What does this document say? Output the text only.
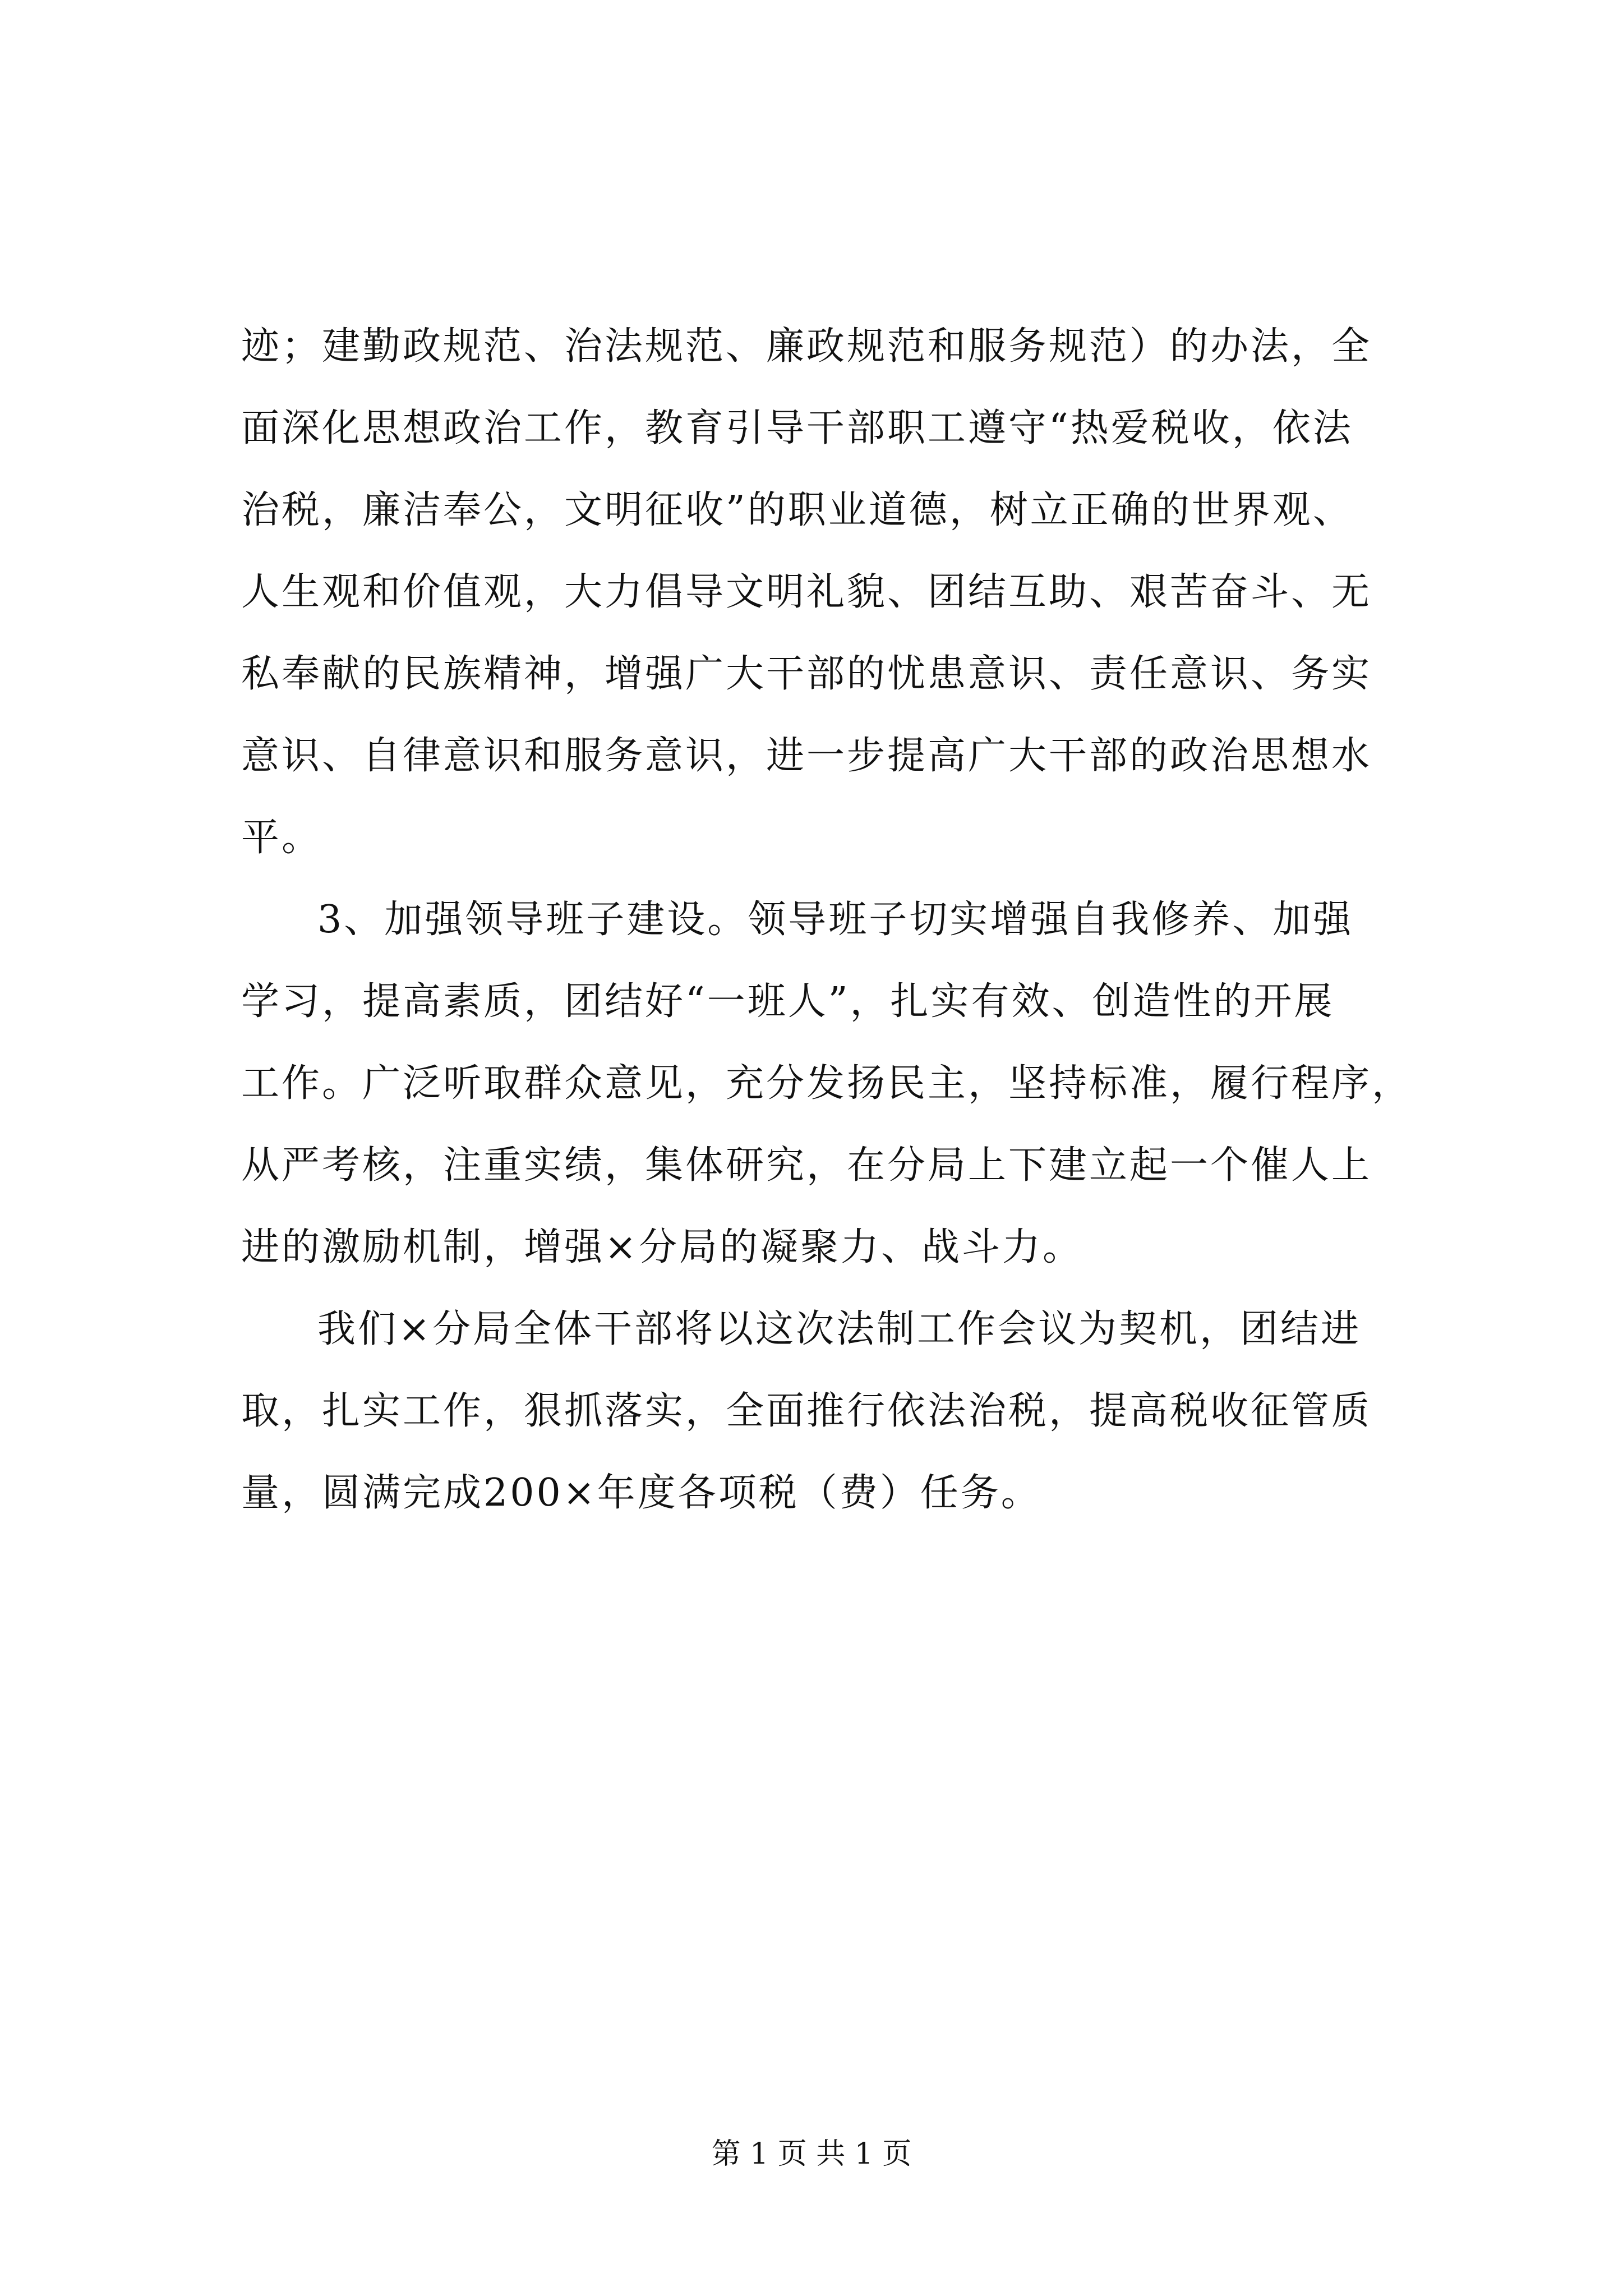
迹；建勤政规范、治法规范、廉政规范和服务规范）的办法，全
面深化思想政治工作，教育引导干部职工遵守“热爱税收，依法
治税，廉洁奉公，文明征收”的职业道德，树立正确的世界观、
人生观和价值观，大力倡导文明礼貌、团结互助、艰苦奋斗、无
私奉献的民族精神，增强广大干部的忧患意识、责任意识、务实
意识、自律意识和服务意识，进一步提高广大干部的政治思想水
平。
3、加强领导班子建设。领导班子切实增强自我修养、加强
学习，提高素质，团结好“一班人”，扎实有效、创造性的开展
工作。广泛听取群众意见，充分发扬民主，坚持标准，履行程序，
从严考核，注重实绩，集体研究，在分局上下建立起一个催人上
进的激励机制，增强×分局的凝聚力、战斗力。
我们×分局全体干部将以这次法制工作会议为契机，团结进
取，扎实工作，狠抓落实，全面推行依法治税，提高税收征管质
量，圆满完成200×年度各项税（费）任务。
第 1 页 共 1 页
